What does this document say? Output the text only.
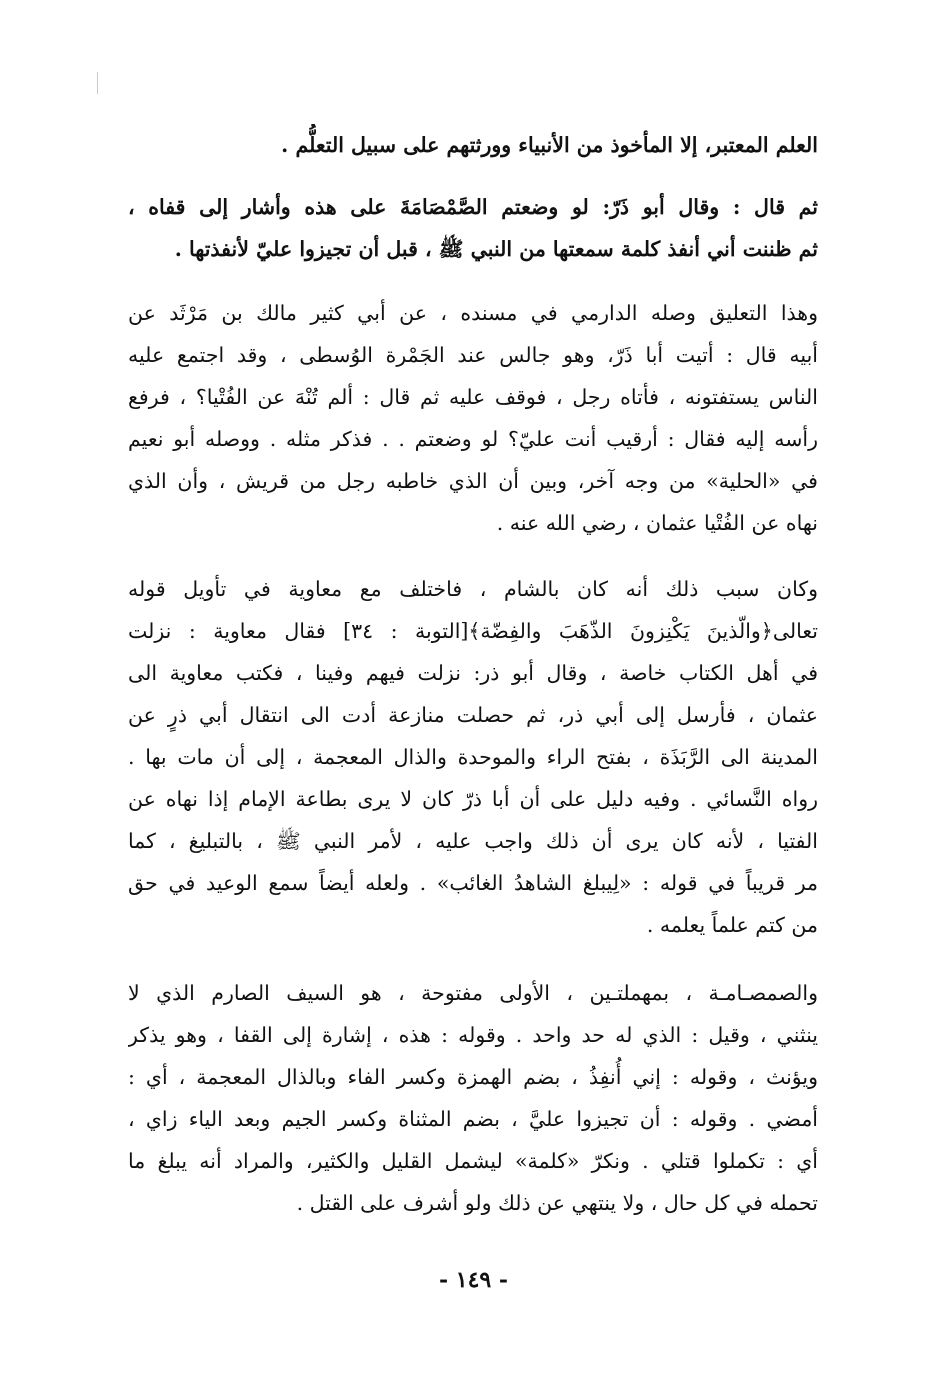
العلم المعتبر، إلا المأخوذ من الأنبياء وورثتهم على سبيل التعلُّم .
ثم قال : وقال أبو ذَرّ: لو وضعتم الصَّمْصَامَةَ على هذه وأشار إلى قفاه ،
ثم ظننت أني أنفذ كلمة سمعتها من النبي ﷺ ، قبل أن تجيزوا عليّ لأنفذتها .
وهذا التعليق وصله الدارمي في مسنده ، عن أبي كثير مالك بن مَرْثَد عن
أبيه قال : أتيت أبا ذَرّ، وهو جالس عند الجَمْرة الوُسطى ، وقد اجتمع عليه
الناس يستفتونه ، فأتاه رجل ، فوقف عليه ثم قال : ألم تُنْهَ عن الفُتْيا؟ ، فرفع
رأسه إليه فقال : أرقيب أنت عليّ؟ لو وضعتم . . فذكر مثله . ووصله أبو نعيم
في «الحلية» من وجه آخر، وبين أن الذي خاطبه رجل من قريش ، وأن الذي
نهاه عن الفُتْيا عثمان ، رضي الله عنه .
وكان سبب ذلك أنه كان بالشام ، فاختلف مع معاوية في تأويل قوله
تعالى﴿والّذينَ يَكْنِزونَ الذّهَبَ والفِضّة﴾[التوبة : ٣٤] فقال معاوية : نزلت
في أهل الكتاب خاصة ، وقال أبو ذر: نزلت فيهم وفينا ، فكتب معاوية الى
عثمان ، فأرسل إلى أبي ذر، ثم حصلت منازعة أدت الى انتقال أبي ذرٍ عن
المدينة الى الرَّبَذَة ، بفتح الراء والموحدة والذال المعجمة ، إلى أن مات بها .
رواه النَّسائي . وفيه دليل على أن أبا ذرّ كان لا يرى بطاعة الإمام إذا نهاه عن
الفتيا ، لأنه كان يرى أن ذلك واجب عليه ، لأمر النبي ﷺ ، بالتبليغ ، كما
مر قريباً في قوله : «لِيبلغ الشاهدُ الغائب» . ولعله أيضاً سمع الوعيد في حق
من كتم علماً يعلمه .
والصمصـامـة ، بمهملتـين ، الأولى مفتوحة ، هو السيف الصارم الذي لا
ينثني ، وقيل : الذي له حد واحد . وقوله : هذه ، إشارة إلى القفا ، وهو يذكر
ويؤنث ، وقوله : إني أُنفِذُ ، بضم الهمزة وكسر الفاء وبالذال المعجمة ، أي :
أمضي . وقوله : أن تجيزوا عليَّ ، بضم المثناة وكسر الجيم وبعد الياء زاي ،
أي : تكملوا قتلي . ونكرّ «كلمة» ليشمل القليل والكثير، والمراد أنه يبلغ ما
تحمله في كل حال ، ولا ينتهي عن ذلك ولو أشرف على القتل .
- ١٤٩ -
